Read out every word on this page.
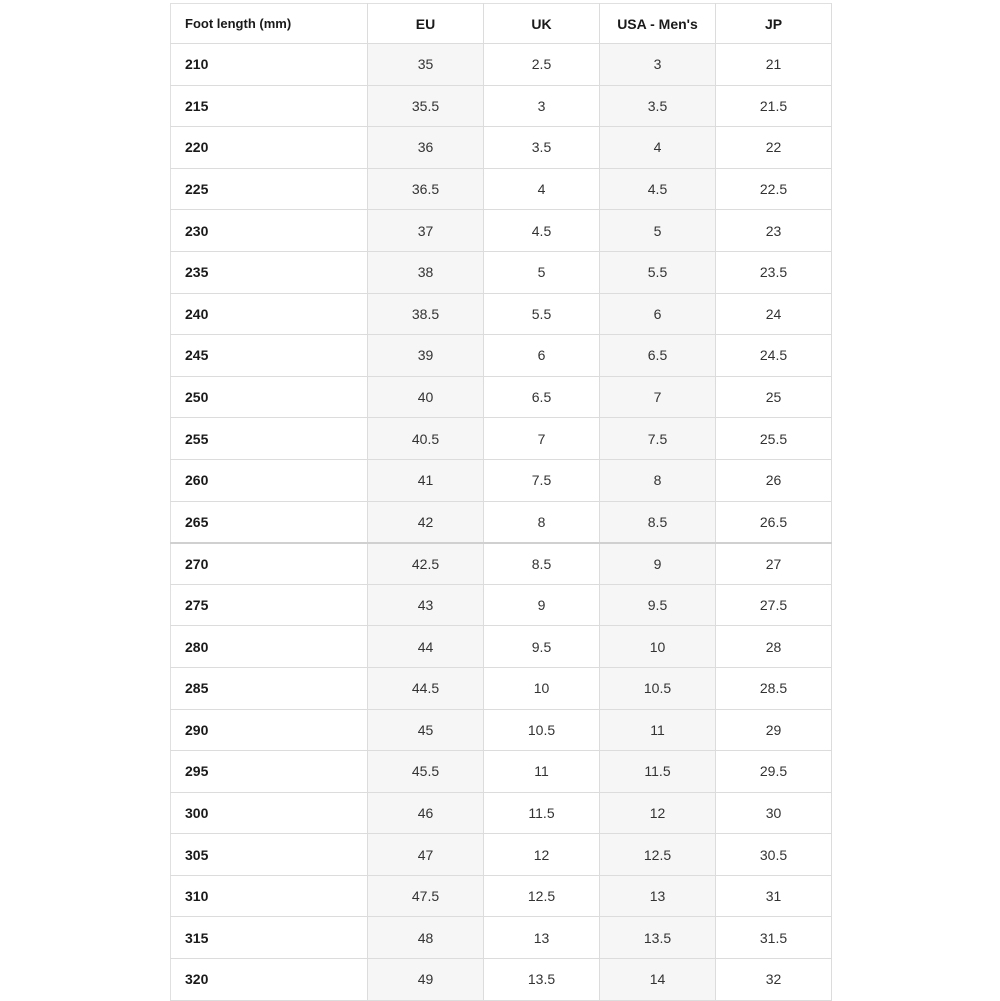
Foot length (mm)	EU	UK	USA - Men's	JP
210	35	2.5	3	21
215	35.5	3	3.5	21.5
220	36	3.5	4	22
225	36.5	4	4.5	22.5
230	37	4.5	5	23
235	38	5	5.5	23.5
240	38.5	5.5	6	24
245	39	6	6.5	24.5
250	40	6.5	7	25
255	40.5	7	7.5	25.5
260	41	7.5	8	26
265	42	8	8.5	26.5
270	42.5	8.5	9	27
275	43	9	9.5	27.5
280	44	9.5	10	28
285	44.5	10	10.5	28.5
290	45	10.5	11	29
295	45.5	11	11.5	29.5
300	46	11.5	12	30
305	47	12	12.5	30.5
310	47.5	12.5	13	31
315	48	13	13.5	31.5
320	49	13.5	14	32
